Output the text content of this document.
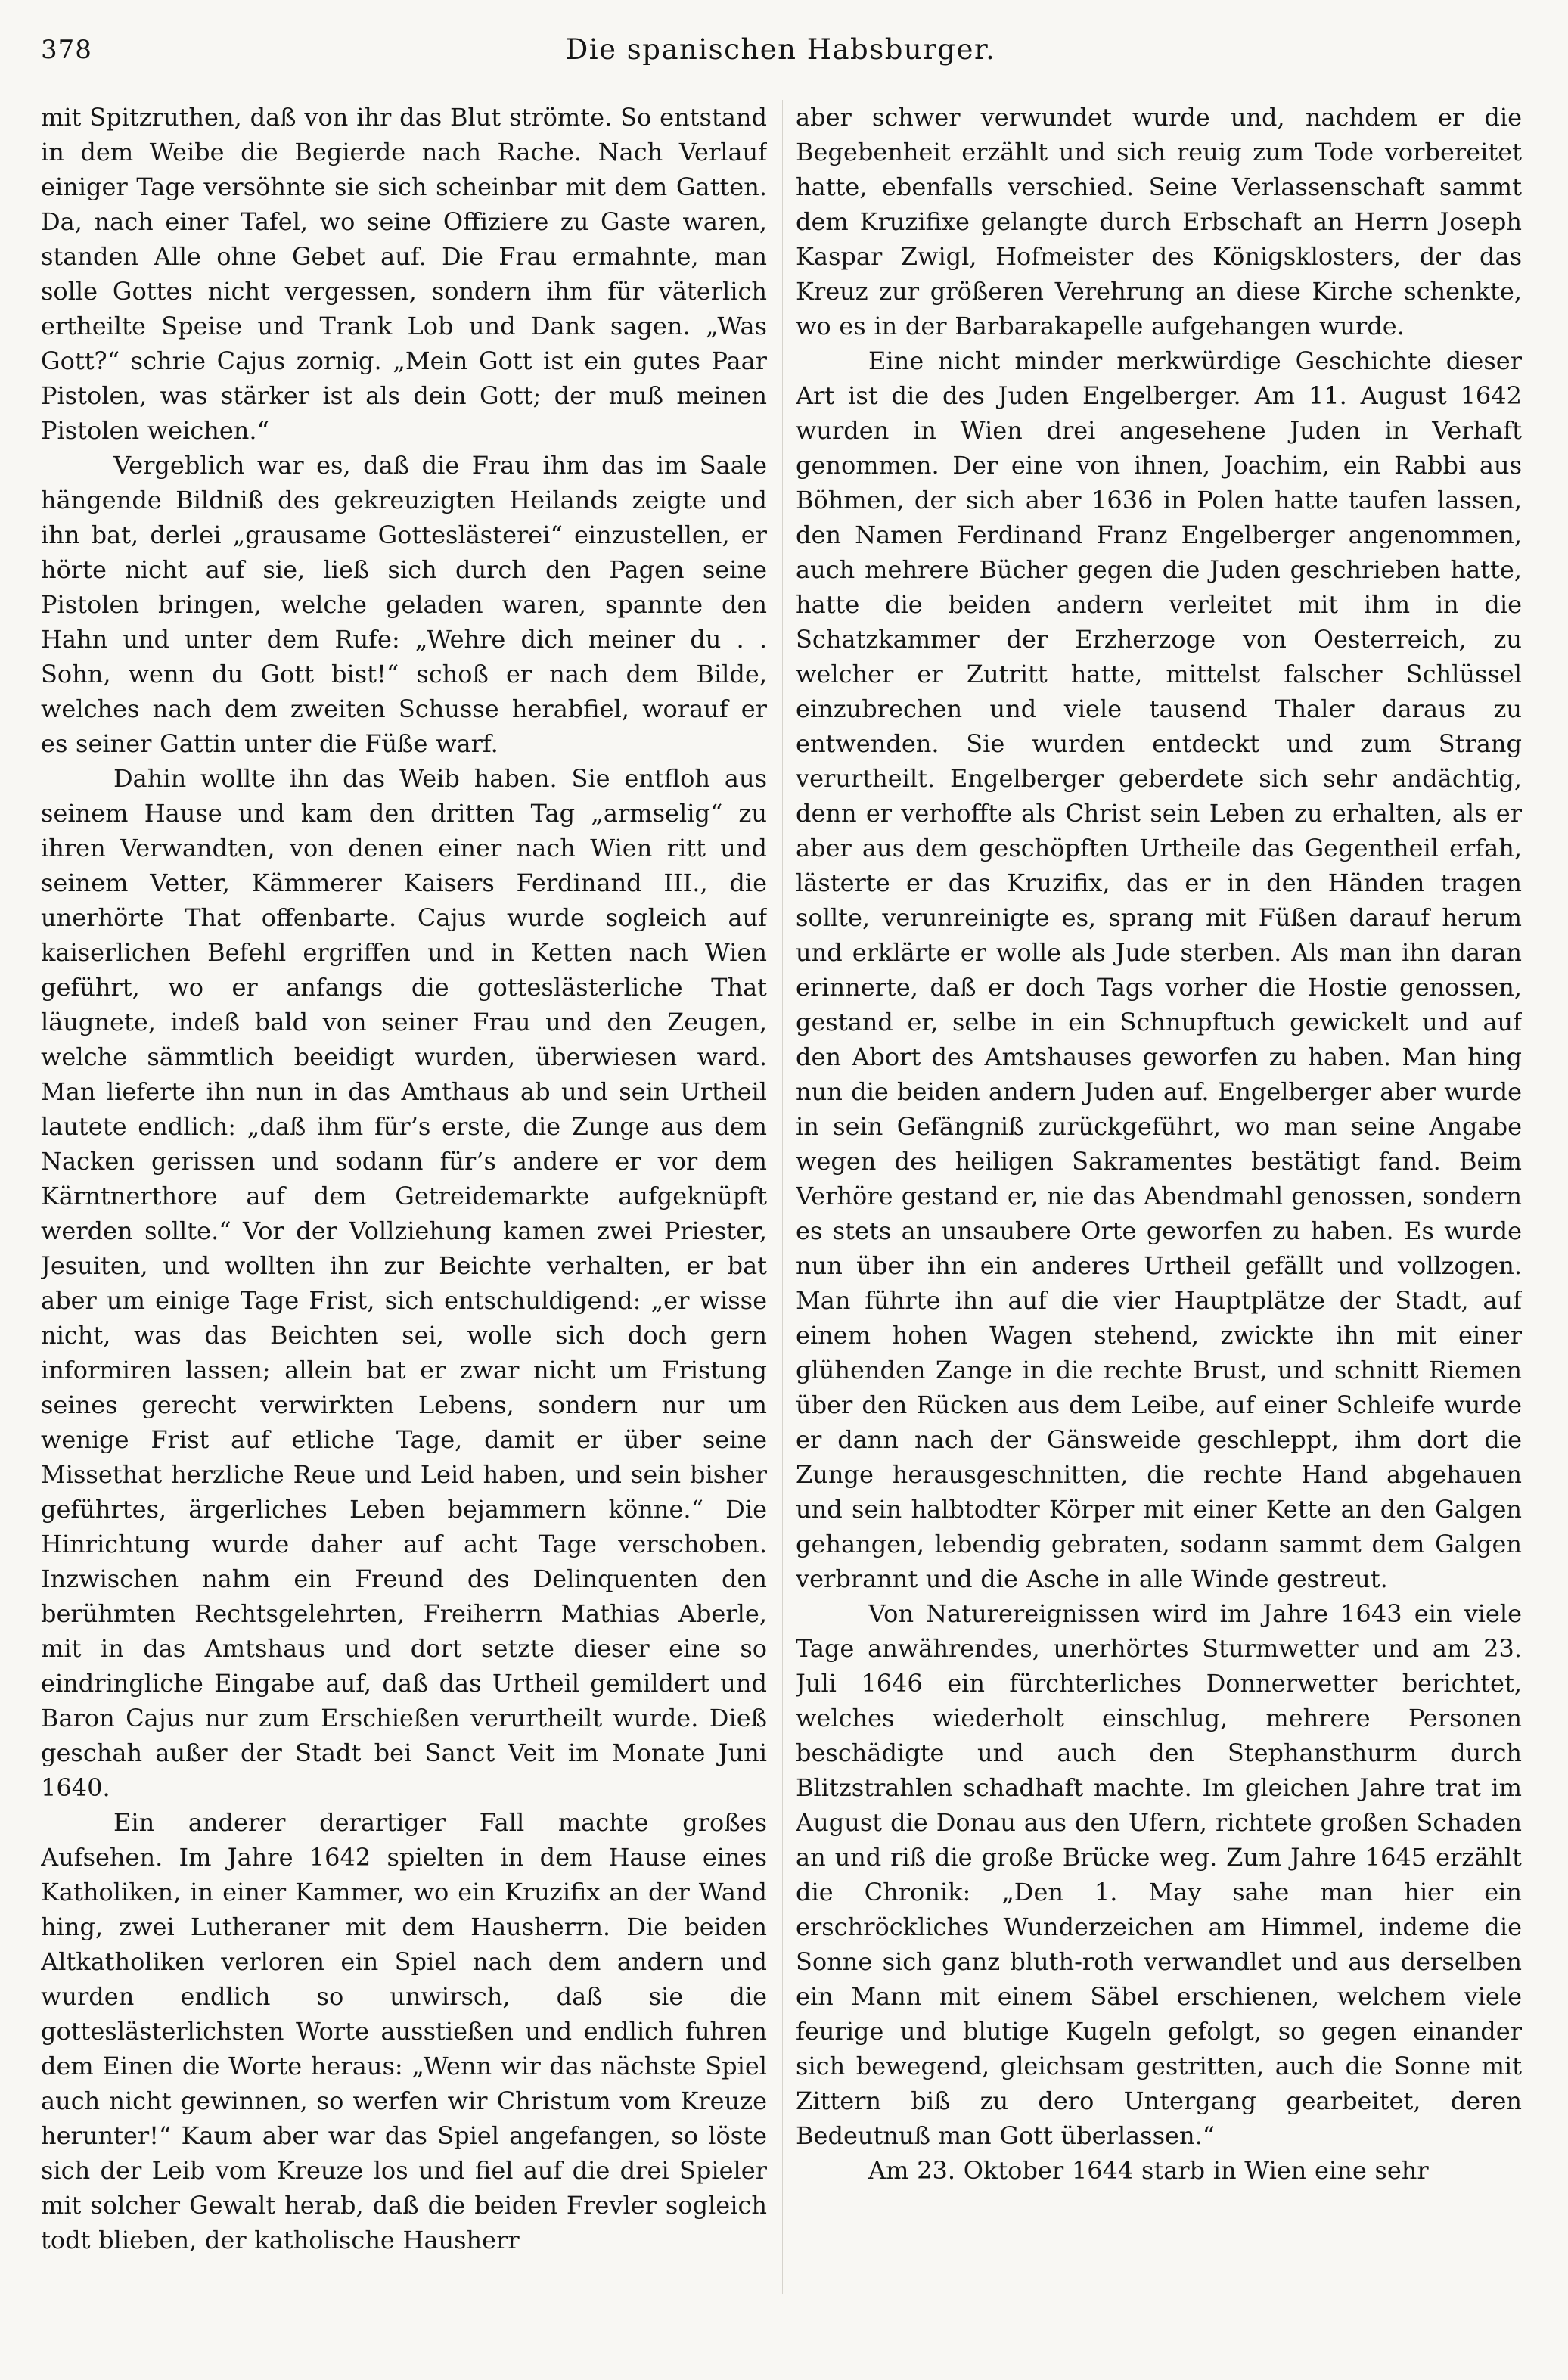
378	Die spanischen Habsburger.

mit Spitzruthen, daß von ihr das Blut strömte. So entstand in dem Weibe die Begierde nach Rache. Nach Verlauf einiger Tage versöhnte sie sich scheinbar mit dem Gatten. Da, nach einer Tafel, wo seine Offiziere zu Gaste waren, standen Alle ohne Gebet auf. Die Frau ermahnte, man solle Gottes nicht vergessen, sondern ihm für väterlich ertheilte Speise und Trank Lob und Dank sagen. „Was Gott?“ schrie Cajus zornig. „Mein Gott ist ein gutes Paar Pistolen, was stärker ist als dein Gott; der muß meinen Pistolen weichen.“

Vergeblich war es, daß die Frau ihm das im Saale hängende Bildniß des gekreuzigten Heilands zeigte und ihn bat, derlei „grausame Gotteslästerei“ einzustellen, er hörte nicht auf sie, ließ sich durch den Pagen seine Pistolen bringen, welche geladen waren, spannte den Hahn und unter dem Rufe: „Wehre dich meiner du . . Sohn, wenn du Gott bist!“ schoß er nach dem Bilde, welches nach dem zweiten Schusse herabfiel, worauf er es seiner Gattin unter die Füße warf.

Dahin wollte ihn das Weib haben. Sie entfloh aus seinem Hause und kam den dritten Tag „armselig“ zu ihren Verwandten, von denen einer nach Wien ritt und seinem Vetter, Kämmerer Kaisers Ferdinand III., die unerhörte That offenbarte. Cajus wurde sogleich auf kaiserlichen Befehl ergriffen und in Ketten nach Wien geführt, wo er anfangs die gotteslästerliche That läugnete, indeß bald von seiner Frau und den Zeugen, welche sämmtlich beeidigt wurden, überwiesen ward. Man lieferte ihn nun in das Amthaus ab und sein Urtheil lautete endlich: „daß ihm für’s erste, die Zunge aus dem Nacken gerissen und sodann für’s andere er vor dem Kärntnerthore auf dem Getreidemarkte aufgeknüpft werden sollte.“ Vor der Vollziehung kamen zwei Priester, Jesuiten, und wollten ihn zur Beichte verhalten, er bat aber um einige Tage Frist, sich entschuldigend: „er wisse nicht, was das Beichten sei, wolle sich doch gern informiren lassen; allein bat er zwar nicht um Fristung seines gerecht verwirkten Lebens, sondern nur um wenige Frist auf etliche Tage, damit er über seine Missethat herzliche Reue und Leid haben, und sein bisher geführtes, ärgerliches Leben bejammern könne.“ Die Hinrichtung wurde daher auf acht Tage verschoben. Inzwischen nahm ein Freund des Delinquenten den berühmten Rechtsgelehrten, Freiherrn Mathias Aberle, mit in das Amtshaus und dort setzte dieser eine so eindringliche Eingabe auf, daß das Urtheil gemildert und Baron Cajus nur zum Erschießen verurtheilt wurde. Dieß geschah außer der Stadt bei Sanct Veit im Monate Juni 1640.

Ein anderer derartiger Fall machte großes Aufsehen. Im Jahre 1642 spielten in dem Hause eines Katholiken, in einer Kammer, wo ein Kruzifix an der Wand hing, zwei Lutheraner mit dem Hausherrn. Die beiden Altkatholiken verloren ein Spiel nach dem andern und wurden endlich so unwirsch, daß sie die gotteslästerlichsten Worte ausstießen und endlich fuhren dem Einen die Worte heraus: „Wenn wir das nächste Spiel auch nicht gewinnen, so werfen wir Christum vom Kreuze herunter!“ Kaum aber war das Spiel angefangen, so löste sich der Leib vom Kreuze los und fiel auf die drei Spieler mit solcher Gewalt herab, daß die beiden Frevler sogleich todt blieben, der katholische Hausherr

aber schwer verwundet wurde und, nachdem er die Begebenheit erzählt und sich reuig zum Tode vorbereitet hatte, ebenfalls verschied. Seine Verlassenschaft sammt dem Kruzifixe gelangte durch Erbschaft an Herrn Joseph Kaspar Zwigl, Hofmeister des Königsklosters, der das Kreuz zur größeren Verehrung an diese Kirche schenkte, wo es in der Barbarakapelle aufgehangen wurde.

Eine nicht minder merkwürdige Geschichte dieser Art ist die des Juden Engelberger. Am 11. August 1642 wurden in Wien drei angesehene Juden in Verhaft genommen. Der eine von ihnen, Joachim, ein Rabbi aus Böhmen, der sich aber 1636 in Polen hatte taufen lassen, den Namen Ferdinand Franz Engelberger angenommen, auch mehrere Bücher gegen die Juden geschrieben hatte, hatte die beiden andern verleitet mit ihm in die Schatzkammer der Erzherzoge von Oesterreich, zu welcher er Zutritt hatte, mittelst falscher Schlüssel einzubrechen und viele tausend Thaler daraus zu entwenden. Sie wurden entdeckt und zum Strang verurtheilt. Engelberger geberdete sich sehr andächtig, denn er verhoffte als Christ sein Leben zu erhalten, als er aber aus dem geschöpften Urtheile das Gegentheil erfah, lästerte er das Kruzifix, das er in den Händen tragen sollte, verunreinigte es, sprang mit Füßen darauf herum und erklärte er wolle als Jude sterben. Als man ihn daran erinnerte, daß er doch Tags vorher die Hostie genossen, gestand er, selbe in ein Schnupftuch gewickelt und auf den Abort des Amtshauses geworfen zu haben. Man hing nun die beiden andern Juden auf. Engelberger aber wurde in sein Gefängniß zurückgeführt, wo man seine Angabe wegen des heiligen Sakramentes bestätigt fand. Beim Verhöre gestand er, nie das Abendmahl genossen, sondern es stets an unsaubere Orte geworfen zu haben. Es wurde nun über ihn ein anderes Urtheil gefällt und vollzogen. Man führte ihn auf die vier Hauptplätze der Stadt, auf einem hohen Wagen stehend, zwickte ihn mit einer glühenden Zange in die rechte Brust, und schnitt Riemen über den Rücken aus dem Leibe, auf einer Schleife wurde er dann nach der Gänsweide geschleppt, ihm dort die Zunge herausgeschnitten, die rechte Hand abgehauen und sein halbtodter Körper mit einer Kette an den Galgen gehangen, lebendig gebraten, sodann sammt dem Galgen verbrannt und die Asche in alle Winde gestreut.

Von Naturereignissen wird im Jahre 1643 ein viele Tage anwährendes, unerhörtes Sturmwetter und am 23. Juli 1646 ein fürchterliches Donnerwetter berichtet, welches wiederholt einschlug, mehrere Personen beschädigte und auch den Stephansthurm durch Blitzstrahlen schadhaft machte. Im gleichen Jahre trat im August die Donau aus den Ufern, richtete großen Schaden an und riß die große Brücke weg. Zum Jahre 1645 erzählt die Chronik: „Den 1. May sahe man hier ein erschröckliches Wunderzeichen am Himmel, indeme die Sonne sich ganz bluth-roth verwandlet und aus derselben ein Mann mit einem Säbel erschienen, welchem viele feurige und blutige Kugeln gefolgt, so gegen einander sich bewegend, gleichsam gestritten, auch die Sonne mit Zittern biß zu dero Untergang gearbeitet, deren Bedeutnuß man Gott überlassen.“

Am 23. Oktober 1644 starb in Wien eine sehr
